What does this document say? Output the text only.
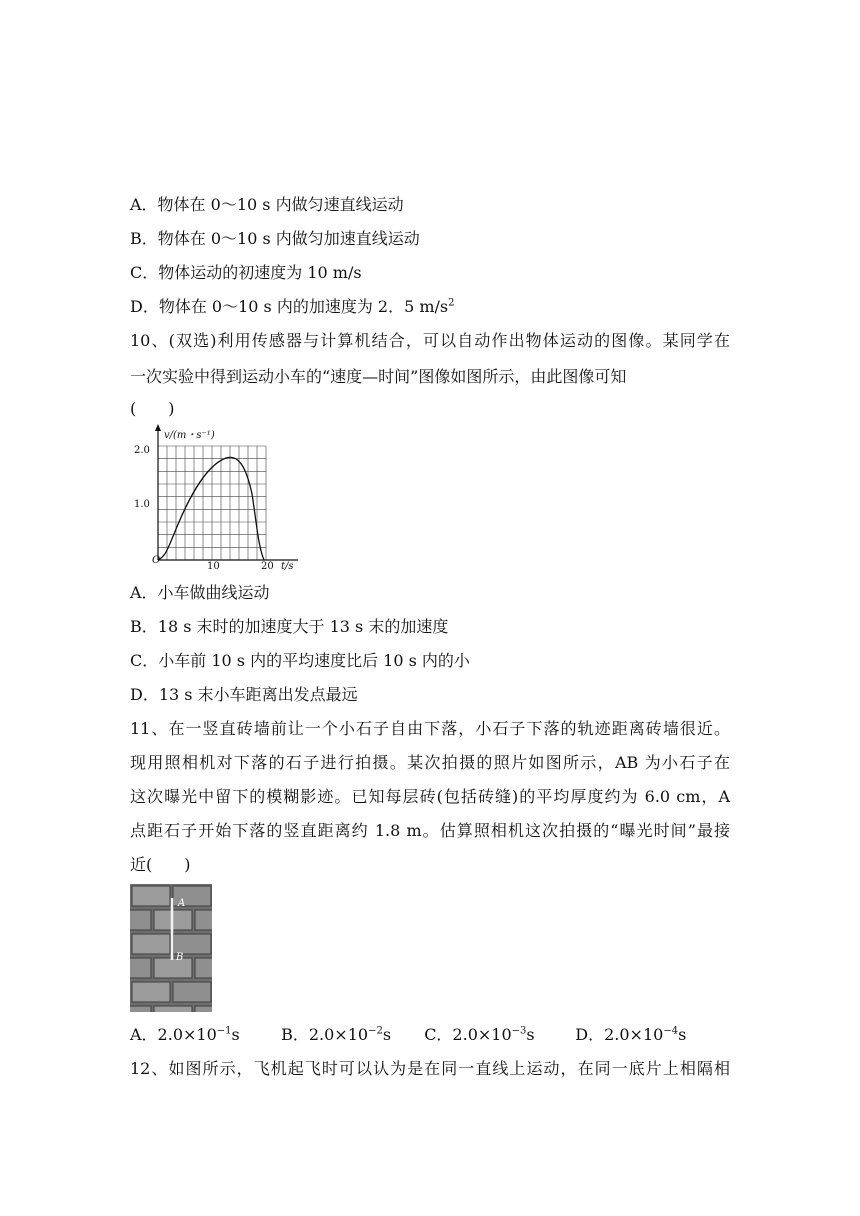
A．物体在 0～10 s 内做匀速直线运动
B．物体在 0～10 s 内做匀加速直线运动
C．物体运动的初速度为 10 m/s
D．物体在 0～10 s 内的加速度为 2．5 $m/s^2$
10、(双选)利用传感器与计算机结合，可以自动作出物体运动的图像。某同学在
一次实验中得到运动小车的“速度—时间”图像如图所示，由此图像可知
(　　)
v/(m・s⁻¹)
2.0
1.0
O
10	20 t/s
A．小车做曲线运动
B．18 s 末时的加速度大于 13 s 末的加速度
C．小车前 10 s 内的平均速度比后 10 s 内的小
D．13 s 末小车距离出发点最远
11、在一竖直砖墙前让一个小石子自由下落，小石子下落的轨迹距离砖墙很近。
现用照相机对下落的石子进行拍摄。某次拍摄的照片如图所示，AB 为小石子在
这次曝光中留下的模糊影迹。已知每层砖(包括砖缝)的平均厚度约为 6.0 cm，A
点距石子开始下落的竖直距离约 1.8 m。估算照相机这次拍摄的“曝光时间”最接
近(　　)
A
B
A．$2.0\times 10^{-1}s$	B．$2.0\times 10^{-2}s$ C．$2.0\times 10^{-3}s$	D．$2.0\times 10^{-4}s$
12、如图所示，飞机起飞时可以认为是在同一直线上运动，在同一底片上相隔相
